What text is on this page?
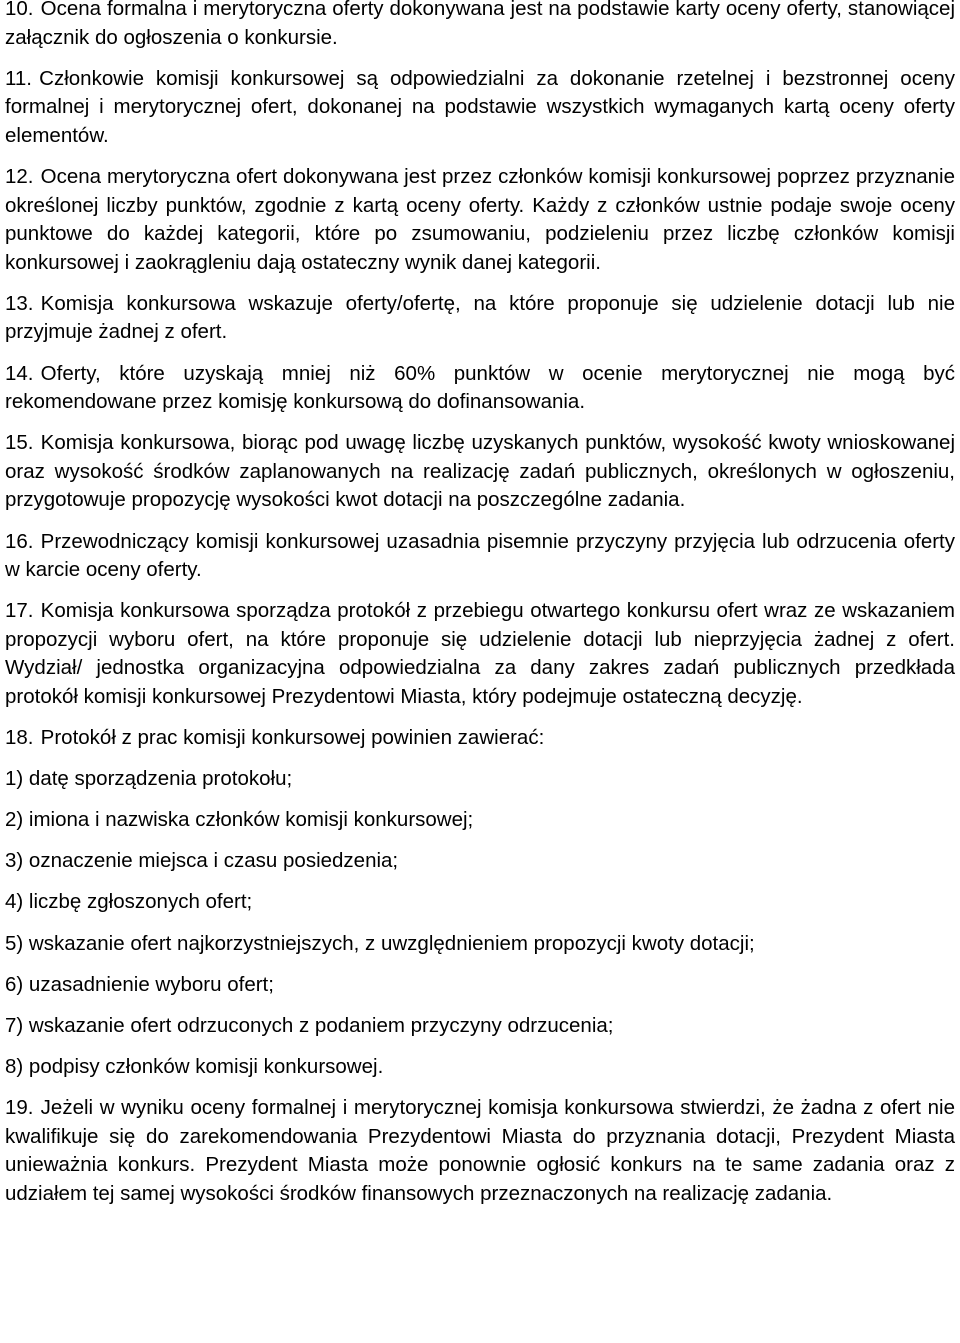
10. Ocena formalna i merytoryczna oferty dokonywana jest na podstawie karty oceny oferty, stanowiącej załącznik do ogłoszenia o konkursie.

11. Członkowie komisji konkursowej są odpowiedzialni za dokonanie rzetelnej i bezstronnej oceny formalnej i merytorycznej ofert, dokonanej na podstawie wszystkich wymaganych kartą oceny oferty elementów.

12. Ocena merytoryczna ofert dokonywana jest przez członków komisji konkursowej poprzez przyznanie określonej liczby punktów, zgodnie z kartą oceny oferty. Każdy z członków ustnie podaje swoje oceny punktowe do każdej kategorii, które po zsumowaniu, podzieleniu przez liczbę członków komisji konkursowej i zaokrągleniu dają ostateczny wynik danej kategorii.

13. Komisja konkursowa wskazuje oferty/ofertę, na które proponuje się udzielenie dotacji lub nie przyjmuje żadnej z ofert.

14. Oferty, które uzyskają mniej niż 60% punktów w ocenie merytorycznej nie mogą być rekomendowane przez komisję konkursową do dofinansowania.

15. Komisja konkursowa, biorąc pod uwagę liczbę uzyskanych punktów, wysokość kwoty wnioskowanej oraz wysokość środków zaplanowanych na realizację zadań publicznych, określonych w ogłoszeniu, przygotowuje propozycję wysokości kwot dotacji na poszczególne zadania.

16. Przewodniczący komisji konkursowej uzasadnia pisemnie przyczyny przyjęcia lub odrzucenia oferty w karcie oceny oferty.

17. Komisja konkursowa sporządza protokół z przebiegu otwartego konkursu ofert wraz ze wskazaniem propozycji wyboru ofert, na które proponuje się udzielenie dotacji lub nieprzyjęcia żadnej z ofert. Wydział/ jednostka organizacyjna odpowiedzialna za dany zakres zadań publicznych przedkłada protokół komisji konkursowej Prezydentowi Miasta, który podejmuje ostateczną decyzję.

18. Protokół z prac komisji konkursowej powinien zawierać:

1) datę sporządzenia protokołu;
2) imiona i nazwiska członków komisji konkursowej;
3) oznaczenie miejsca i czasu posiedzenia;
4) liczbę zgłoszonych ofert;
5) wskazanie ofert najkorzystniejszych, z uwzględnieniem propozycji kwoty dotacji;
6) uzasadnienie wyboru ofert;
7) wskazanie ofert odrzuconych z podaniem przyczyny odrzucenia;
8) podpisy członków komisji konkursowej.

19. Jeżeli w wyniku oceny formalnej i merytorycznej komisja konkursowa stwierdzi, że żadna z ofert nie kwalifikuje się do zarekomendowania Prezydentowi Miasta do przyznania dotacji, Prezydent Miasta unieważnia konkurs. Prezydent Miasta może ponownie ogłosić konkurs na te same zadania oraz z udziałem tej samej wysokości środków finansowych przeznaczonych na realizację zadania.
